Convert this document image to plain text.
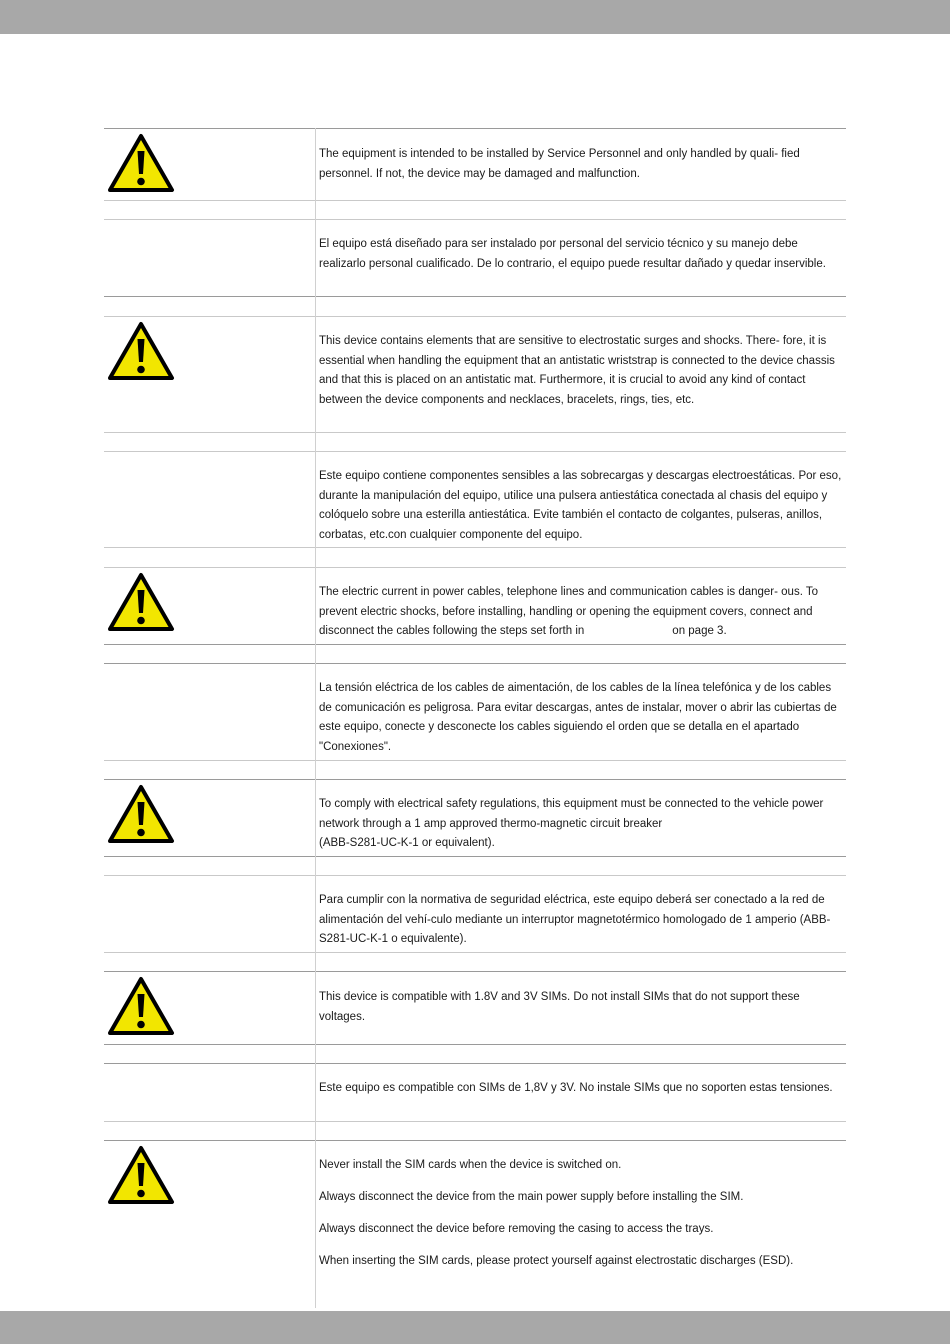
The equipment is intended to be installed by Service Personnel and only handled by quali- fied personnel. If not, the device may be damaged and malfunction.

El equipo está diseñado para ser instalado por personal del servicio técnico y su manejo debe realizarlo personal cualificado. De lo contrario, el equipo puede resultar dañado y quedar inservible.

This device contains elements that are sensitive to electrostatic surges and shocks. There- fore, it is essential when handling the equipment that an antistatic wriststrap is connected to the device chassis and that this is placed on an antistatic mat. Furthermore, it is crucial to avoid any kind of contact between the device components and necklaces, bracelets, rings, ties, etc.

Este equipo contiene componentes sensibles a las sobrecargas y descargas electroestáticas. Por eso, durante la manipulación del equipo, utilice una pulsera antiestática conectada al chasis del equipo y colóquelo sobre una esterilla antiestática. Evite también el contacto de colgantes, pulseras, anillos, corbatas, etc.con cualquier componente del equipo.

The electric current in power cables, telephone lines and communication cables is danger- ous. To prevent electric shocks, before installing, handling or opening the equipment covers, connect and disconnect the cables following the steps set forth in	on page 3.

La tensión eléctrica de los cables de aimentación, de los cables de la línea telefónica y de los cables de comunicación es peligrosa. Para evitar descargas, antes de instalar, mover o abrir las cubiertas de este equipo, conecte y desconecte los cables siguiendo el orden que se detalla en el apartado "Conexiones".

To comply with electrical safety regulations, this equipment must be connected to the vehicle power network through a 1 amp approved thermo-magnetic circuit breaker

(ABB-S281-UC-K-1 or equivalent).

Para cumplir con la normativa de seguridad eléctrica, este equipo deberá ser conectado a la red de alimentación del vehí-culo mediante un interruptor magnetotérmico homologado de 1 amperio (ABB-S281-UC-K-1 o equivalente).

This device is compatible with 1.8V and 3V SIMs. Do not install SIMs that do not support these voltages.

Este equipo es compatible con SIMs de 1,8V y 3V. No instale SIMs que no soporten estas tensiones.

Never install the SIM cards when the device is switched on.

Always disconnect the device from the main power supply before installing the SIM.

Always disconnect the device before removing the casing to access the trays.

When inserting the SIM cards, please protect yourself against electrostatic discharges (ESD).
